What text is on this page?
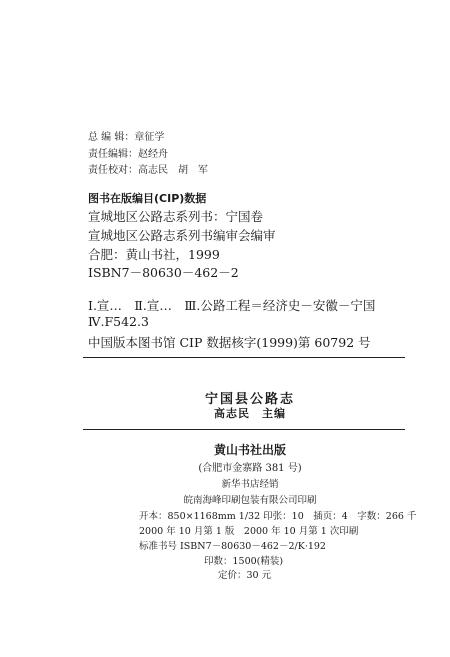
总 编 辑：章征学
责任编辑：赵经舟
责任校对：高志民　胡　军
图书在版编目(CIP)数据
宣城地区公路志系列书：宁国卷
宣城地区公路志系列书编审会编审
合肥：黄山书社，1999
ISBN7－80630－462－2
Ⅰ.宣…　Ⅱ.宣…　Ⅲ.公路工程＝经济史－安徽－宁国
Ⅳ.F542.3
中国版本图书馆 CIP 数据核字(1999)第 60792 号
宁国县公路志
高志民　主编
黄山书社出版
(合肥市金寨路 381 号)
新华书店经销
皖南海峰印刷包装有限公司印刷
开本：850×1168mm 1/32 印张：10　插页：4　字数：266 千
2000 年 10 月第 1 版　2000 年 10 月第 1 次印刷
标准书号 ISBN7－80630－462－2/K·192
印数：1500(精装)
定价：30 元
